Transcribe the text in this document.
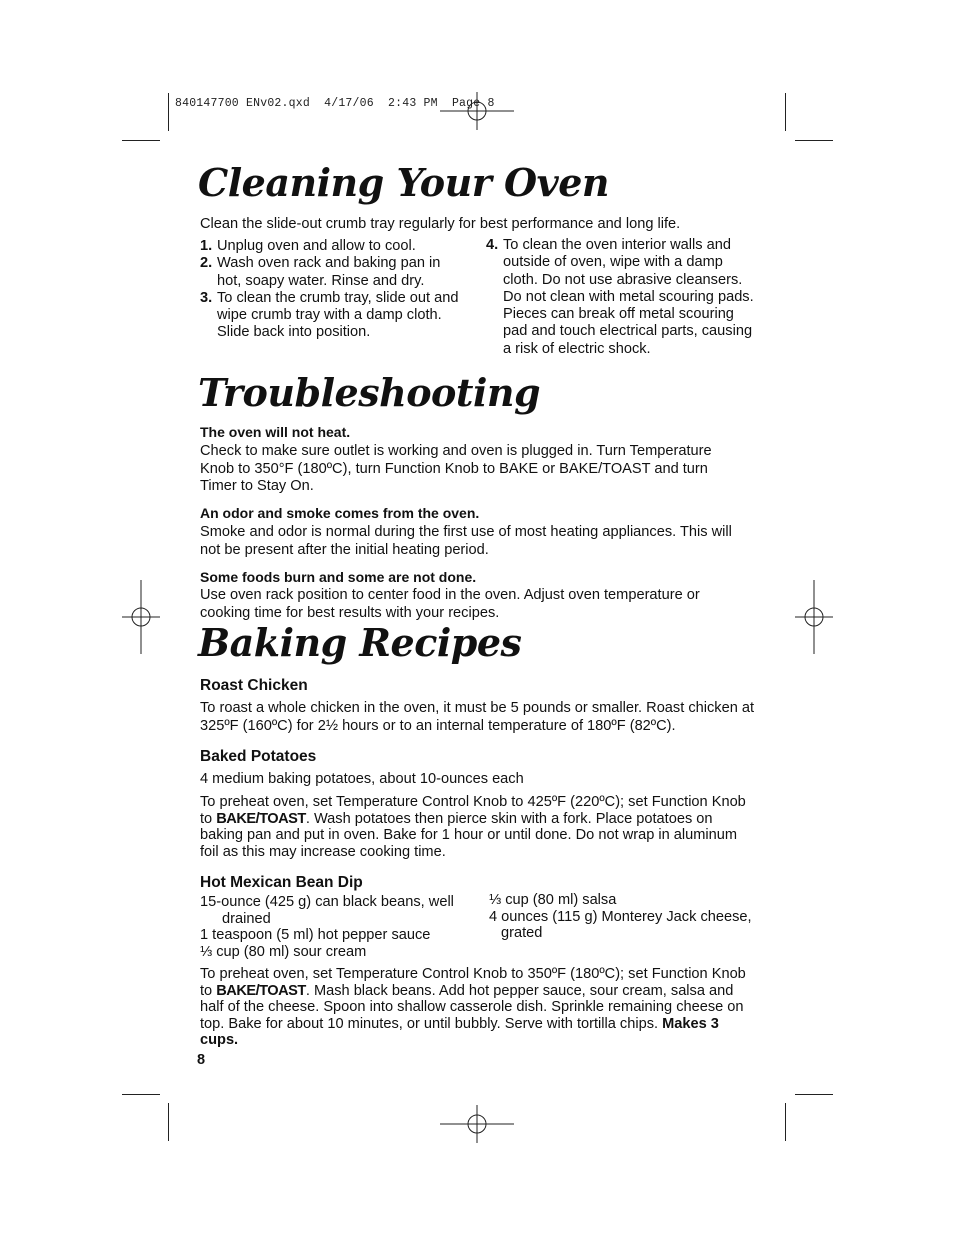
840147700 ENv02.qxd  4/17/06  2:43 PM  Page 8
Cleaning Your Oven

Clean the slide-out crumb tray regularly for best performance and long life.

1. Unplug oven and allow to cool.
2. Wash oven rack and baking pan in hot, soapy water. Rinse and dry.
3. To clean the crumb tray, slide out and wipe crumb tray with a damp cloth. Slide back into position.
4. To clean the oven interior walls and outside of oven, wipe with a damp cloth. Do not use abrasive cleansers. Do not clean with metal scouring pads. Pieces can break off metal scouring pad and touch electrical parts, causing a risk of electric shock.
Troubleshooting

The oven will not heat.

Check to make sure outlet is working and oven is plugged in. Turn Temperature Knob to 350°F (180ºC), turn Function Knob to BAKE or BAKE/TOAST and turn Timer to Stay On.

An odor and smoke comes from the oven.

Smoke and odor is normal during the first use of most heating appliances. This will not be present after the initial heating period.

Some foods burn and some are not done.

Use oven rack position to center food in the oven. Adjust oven temperature or cooking time for best results with your recipes.

Baking Recipes

Roast Chicken

To roast a whole chicken in the oven, it must be 5 pounds or smaller. Roast chicken at 325ºF (160ºC) for 2½ hours or to an internal temperature of 180ºF (82ºC).

Baked Potatoes

4 medium baking potatoes, about 10-ounces each

To preheat oven, set Temperature Control Knob to 425ºF (220ºC); set Function Knob to BAKE/TOAST. Wash potatoes then pierce skin with a fork. Place potatoes on baking pan and put in oven. Bake for 1 hour or until done. Do not wrap in aluminum foil as this may increase cooking time.

Hot Mexican Bean Dip

15-ounce (425 g) can black beans, well drained
1 teaspoon (5 ml) hot pepper sauce
⅓ cup (80 ml) sour cream
⅓ cup (80 ml) salsa
4 ounces (115 g) Monterey Jack cheese, grated

To preheat oven, set Temperature Control Knob to 350ºF (180ºC); set Function Knob to BAKE/TOAST. Mash black beans. Add hot pepper sauce, sour cream, salsa and half of the cheese. Spoon into shallow casserole dish. Sprinkle remaining cheese on top. Bake for about 10 minutes, or until bubbly. Serve with tortilla chips. Makes 3 cups.

8
